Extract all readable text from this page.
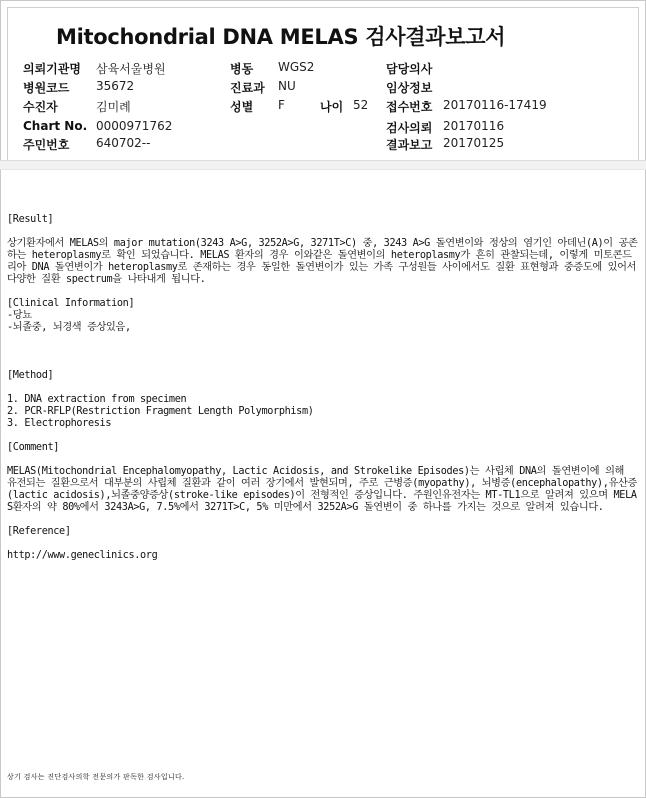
Mitochondrial DNA MELAS 검사결과보고서
의뢰기관명 삼육서울병원
병원코드 35672
수진자	김미례
Chart No. 0000971762
주민번호 640702--
병동 WGS2
진료과 NU
성별 F	나이 52
담당의사
임상정보
접수번호 20170116-17419
검사의뢰 20170116
결과보고 20170125

[Result]

상기환자에서 MELAS의 major mutation(3243 A>G, 3252A>G, 3271T>C) 중, 3243 A>G 돌연변이와 정상의 염기인 아데닌(A)이 공존하는 heteroplasmy로 확인 되었습니다. MELAS 환자의 경우 이와같은 돌연변이의 heteroplasmy가 흔히 관찰되는데, 이렇게 미토콘드리아 DNA 돌연변이가 heteroplasmy로 존재하는 경우 동일한 돌연변이가 있는 가족 구성원들 사이에서도 질환 표현형과 중증도에 있어서 다양한 질환 spectrum을 나타내게 됩니다.

[Clinical Information]

-당뇨

-뇌졸중, 뇌경색 증상있음,

[Method]

1. DNA extraction from specimen

2. PCR-RFLP(Restriction Fragment Length Polymorphism)

3. Electrophoresis

[Comment]

MELAS(Mitochondrial Encephalomyopathy, Lactic Acidosis, and Strokelike Episodes)는 사립체 DNA의 돌연변이에 의해 유전되는 질환으로서 대부분의 사립체 질환과 같이 여러 장기에서 발현되며, 주로 근병증(myopathy), 뇌병증(encephalopathy),유산증(lactic acidosis),뇌졸중양증상(stroke-like episodes)이 전형적인 증상입니다. 주원인유전자는 MT-TL1으로 알려져 있으며 MELAS환자의 약 80%에서 3243A>G, 7.5%에서 3271T>C, 5% 미만에서 3252A>G 돌연변이 중 하나를 가지는 것으로 알려져 있습니다.

[Reference]

http://www.geneclinics.org

상기 검사는 진단검사의학 전문의가 판독한 검사입니다.
